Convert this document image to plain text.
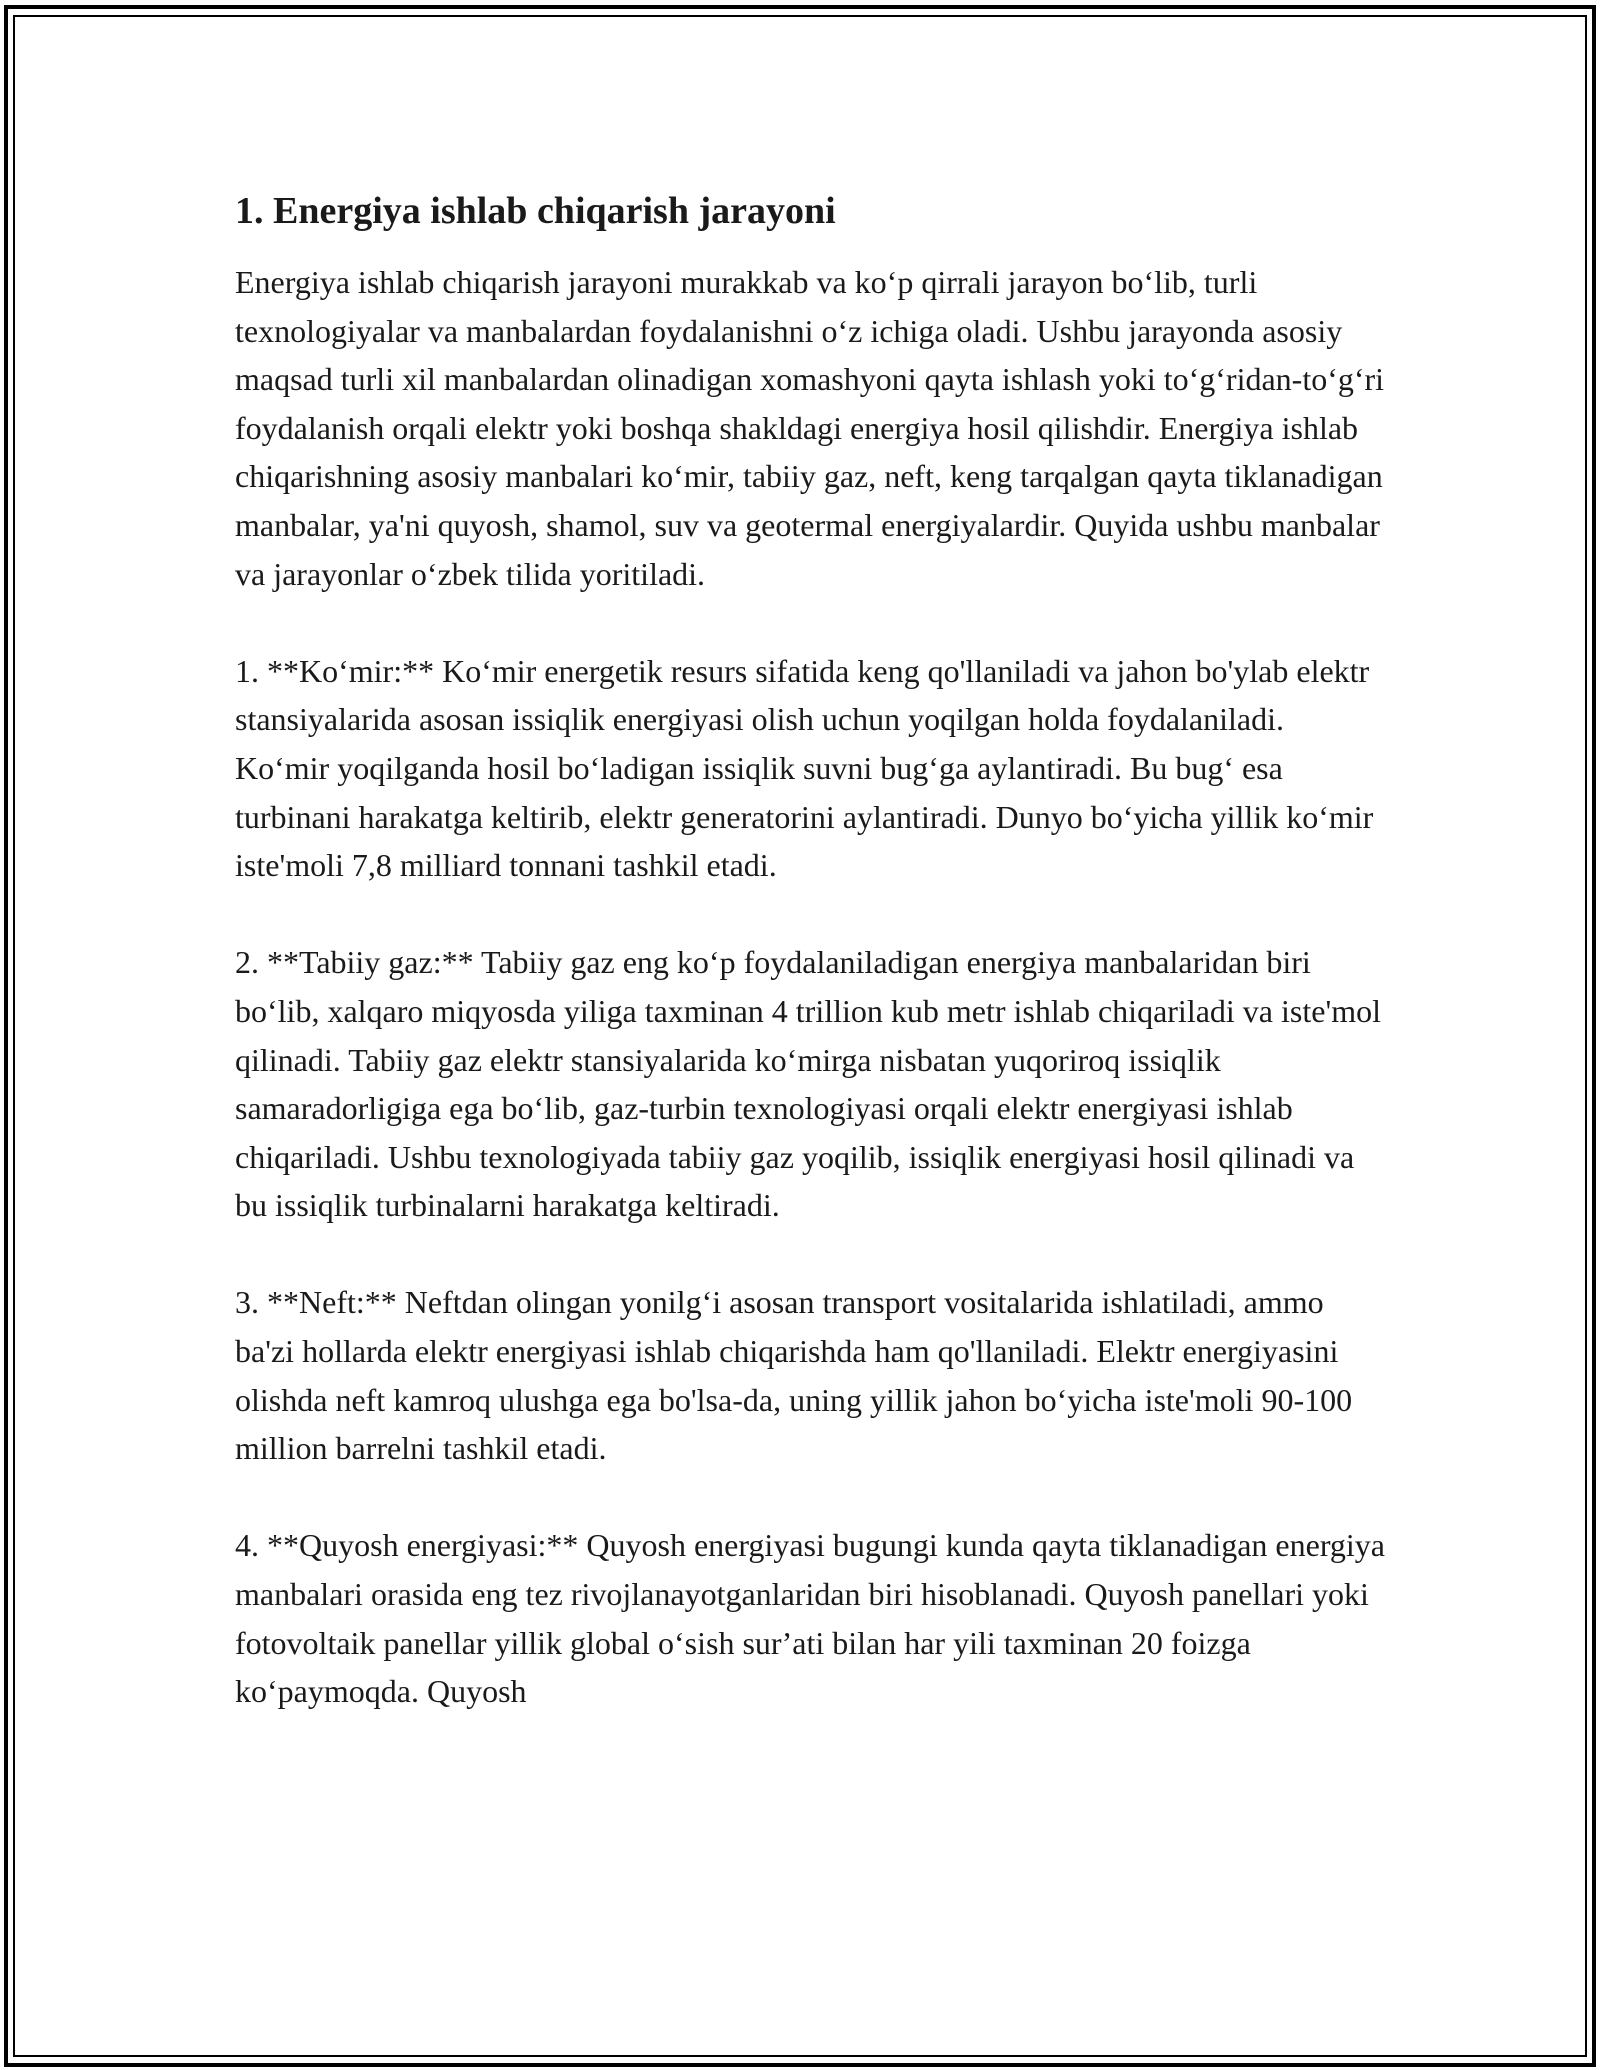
1. Energiya ishlab chiqarish jarayoni

Energiya ishlab chiqarish jarayoni murakkab va koʻp qirrali jarayon boʻlib, turli texnologiyalar va manbalardan foydalanishni oʻz ichiga oladi. Ushbu jarayonda asosiy maqsad turli xil manbalardan olinadigan xomashyoni qayta ishlash yoki toʻgʻridan-toʻgʻri foydalanish orqali elektr yoki boshqa shakldagi energiya hosil qilishdir. Energiya ishlab chiqarishning asosiy manbalari koʻmir, tabiiy gaz, neft, keng tarqalgan qayta tiklanadigan manbalar, ya'ni quyosh, shamol, suv va geotermal energiyalardir. Quyida ushbu manbalar va jarayonlar oʻzbek tilida yoritiladi.

1. **Koʻmir:** Koʻmir energetik resurs sifatida keng qo'llaniladi va jahon bo'ylab elektr stansiyalarida asosan issiqlik energiyasi olish uchun yoqilgan holda foydalaniladi. Koʻmir yoqilganda hosil boʻladigan issiqlik suvni bugʻga aylantiradi. Bu bugʻ esa turbinani harakatga keltirib, elektr generatorini aylantiradi. Dunyo boʻyicha yillik koʻmir iste'moli 7,8 milliard tonnani tashkil etadi.

2. **Tabiiy gaz:** Tabiiy gaz eng koʻp foydalaniladigan energiya manbalaridan biri boʻlib, xalqaro miqyosda yiliga taxminan 4 trillion kub metr ishlab chiqariladi va iste'mol qilinadi. Tabiiy gaz elektr stansiyalarida koʻmirga nisbatan yuqoriroq issiqlik samaradorligiga ega boʻlib, gaz-turbin texnologiyasi orqali elektr energiyasi ishlab chiqariladi. Ushbu texnologiyada tabiiy gaz yoqilib, issiqlik energiyasi hosil qilinadi va bu issiqlik turbinalarni harakatga keltiradi.

3. **Neft:** Neftdan olingan yonilgʻi asosan transport vositalarida ishlatiladi, ammo ba'zi hollarda elektr energiyasi ishlab chiqarishda ham qo'llaniladi. Elektr energiyasini olishda neft kamroq ulushga ega bo'lsa-da, uning yillik jahon boʻyicha iste'moli 90-100 million barrelni tashkil etadi.

4. **Quyosh energiyasi:** Quyosh energiyasi bugungi kunda qayta tiklanadigan energiya manbalari orasida eng tez rivojlanayotganlaridan biri hisoblanadi. Quyosh panellari yoki fotovoltaik panellar yillik global oʻsish surʼati bilan har yili taxminan 20 foizga koʻpaymoqda. Quyosh
